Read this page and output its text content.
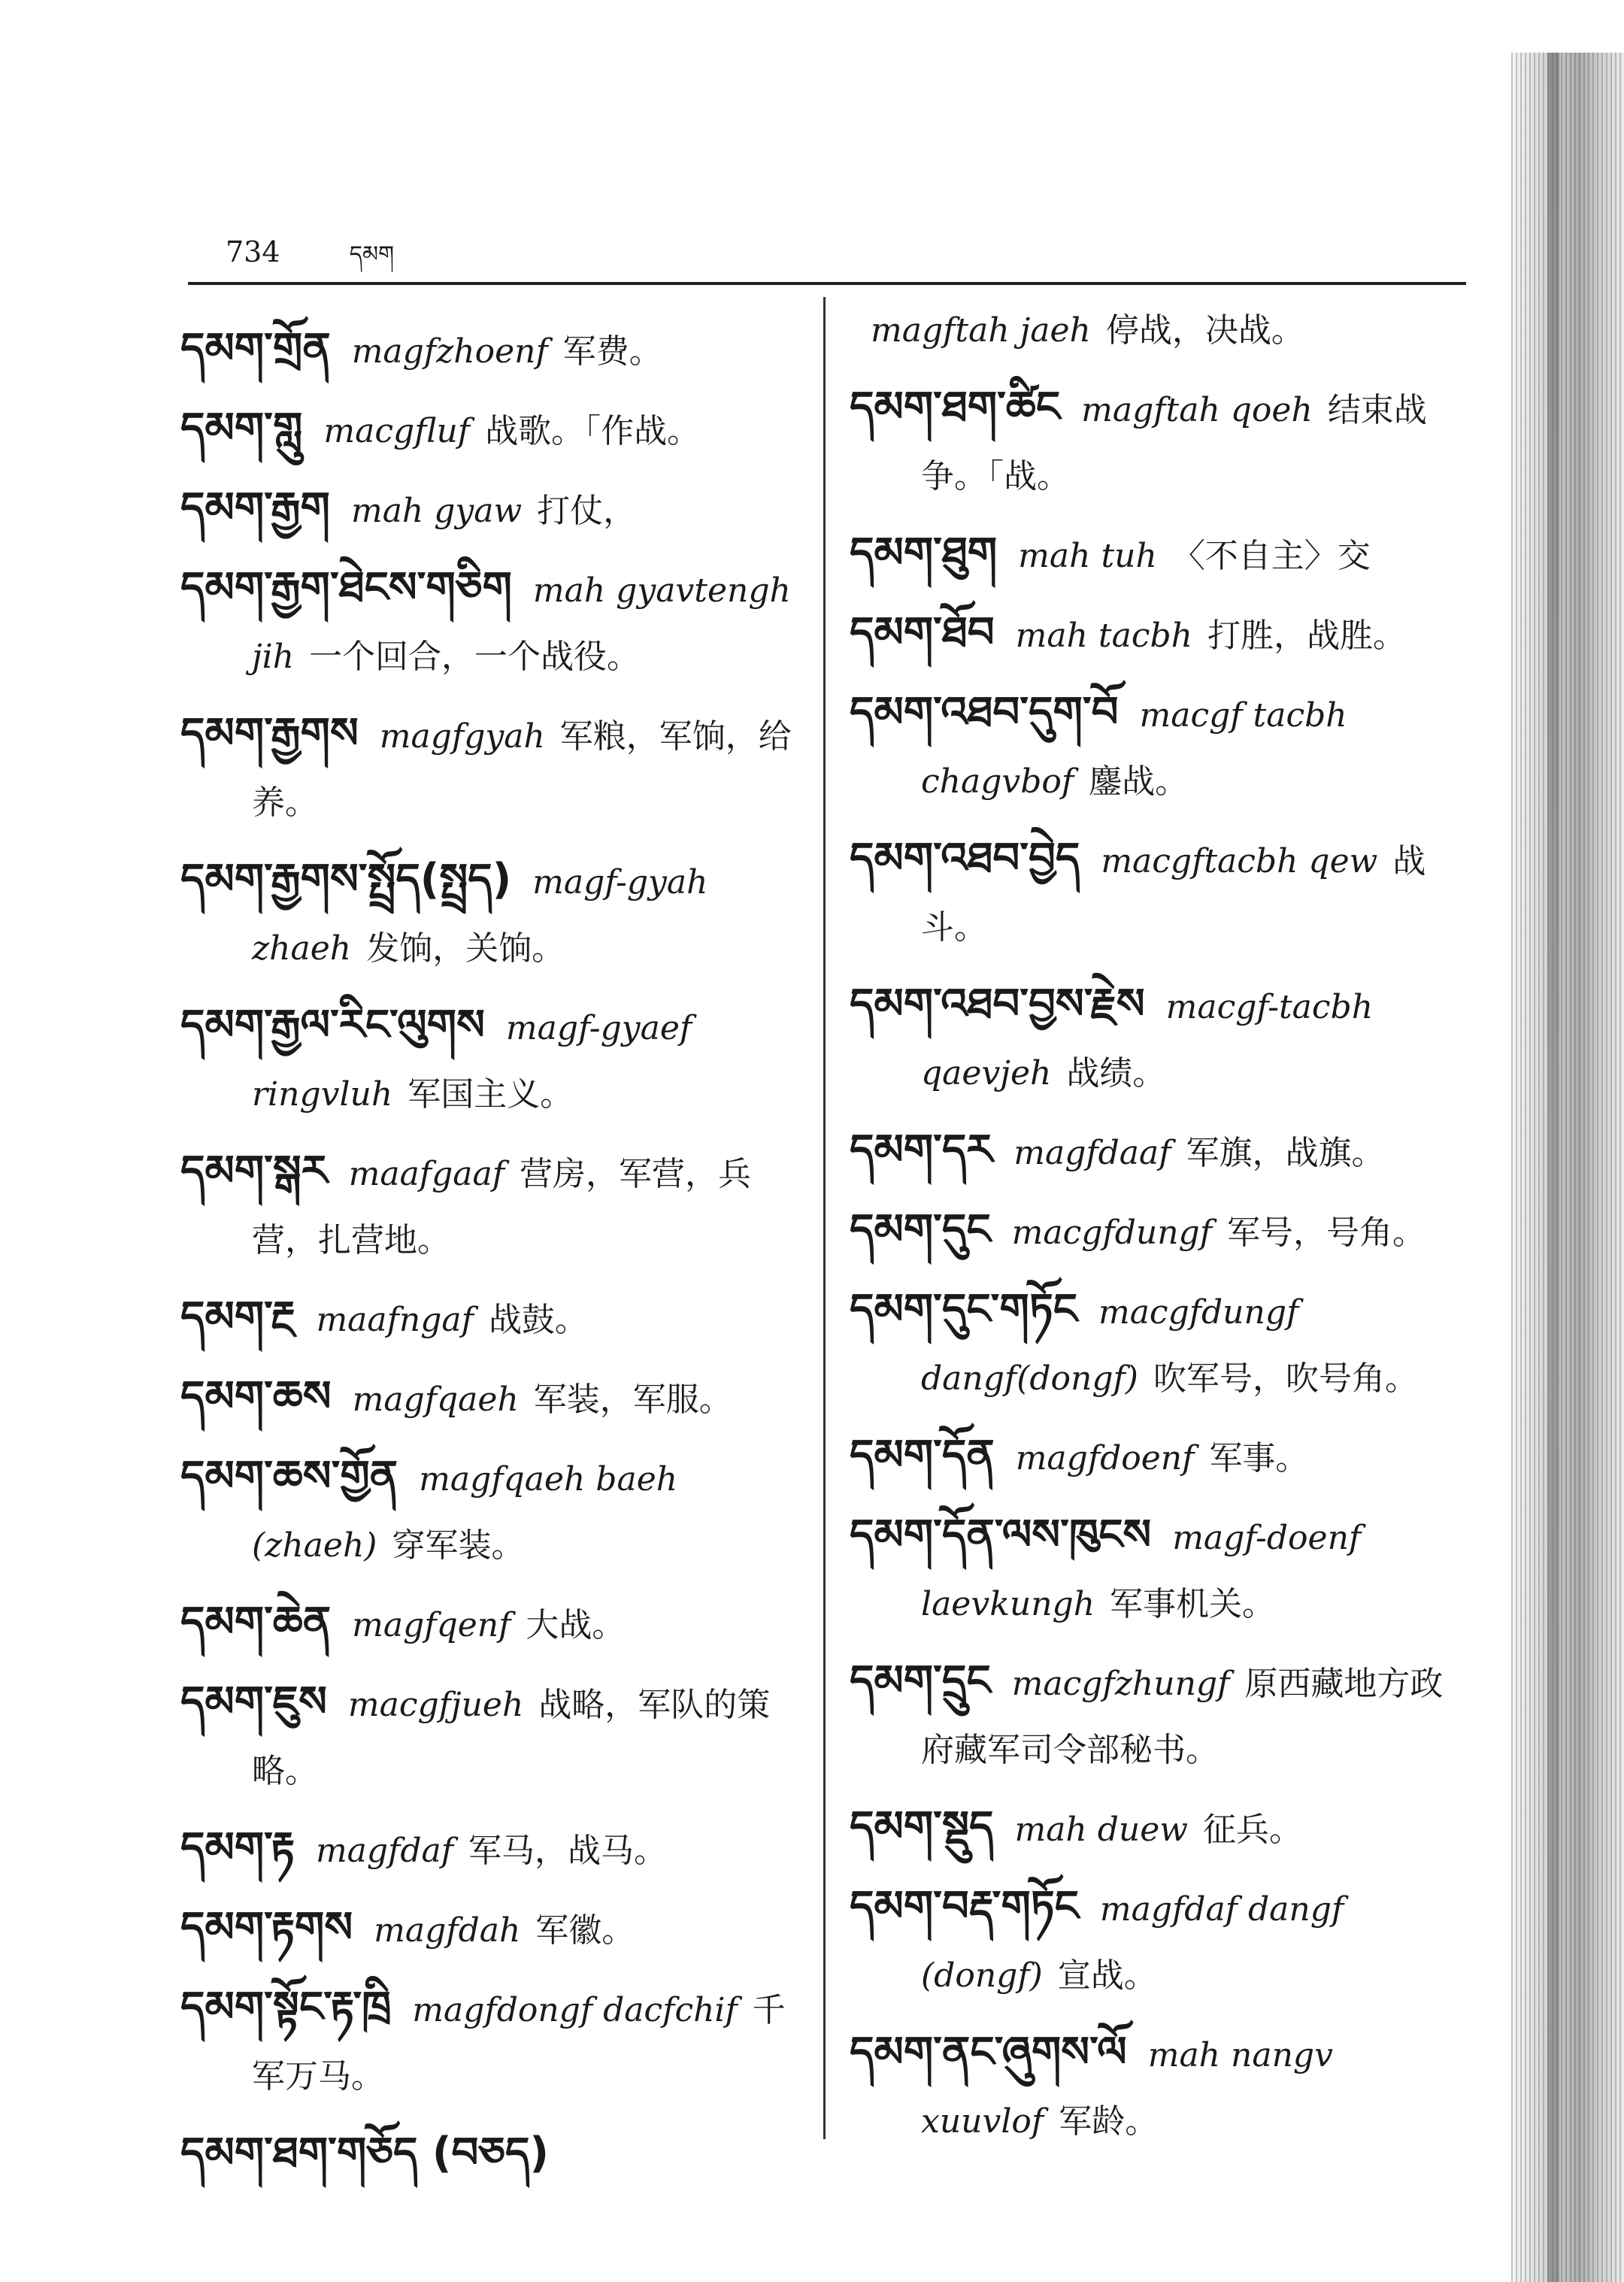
734	དམག
དམག་གྲོན magfzhoenf 军费。
དམག་གླུ macgfluf 战歌。「作战。
དམག་རྒྱག mah gyaw 打仗，
དམག་རྒྱག་ཐེངས་གཅིག mah gyavtengh jih 一个回合，一个战役。
དམག་རྒྱགས magfgyah 军粮，军饷，给养。
དམག་རྒྱགས་སྤྲོད(སྤྲད) magf-gyah zhaeh 发饷，关饷。
དམག་རྒྱལ་རིང་ལུགས magf-gyaef ringvluh 军国主义。
དམག་སྒར maafgaaf 营房，军营，兵营，扎营地。
དམག་རྔ maafngaf 战鼓。
དམག་ཆས magfqaeh 军装，军服。
དམག་ཆས་གྱོན magfqaeh baeh (zhaeh) 穿军装。
དམག་ཆེན magfqenf 大战。
དམག་ཇུས macgfjueh 战略，军队的策略。
དམག་རྟ magfdaf 军马，战马。
དམག་རྟགས magfdah 军徽。
དམག་སྟོང་རྟ་ཁྲི magfdongf dacfchif 千军万马。
དམག་ཐག་གཅོད (བཅད)
magftah jaeh 停战，决战。
དམག་ཐག་ཚིང magftah qoeh 结束战争。「战。
དམག་ཐུག mah tuh 〈不自主〉交
དམག་ཐོབ mah tacbh 打胜，战胜。
དམག་འཐབ་དུག་བོ macgf tacbh chagvbof 鏖战。
དམག་འཐབ་བྱེད macgftacbh qew 战斗。
དམག་འཐབ་བྱས་རྗེས macgf-tacbh qaevjeh 战绩。
དམག་དར magfdaaf 军旗，战旗。
དམག་དུང macgfdungf 军号，号角。
དམག་དུང་གཏོང macgfdungf dangf(dongf) 吹军号，吹号角。
དམག་དོན magfdoenf 军事。
དམག་དོན་ལས་ཁུངས magf-doenf laevkungh 军事机关。
དམག་དྲུང macgfzhungf 原西藏地方政府藏军司令部秘书。
དམག་སྡུད mah duew 征兵。
དམག་བརྡ་གཏོང magfdaf dangf (dongf) 宣战。
དམག་ནང་ཞུགས་ལོ mah nangv xuuvlof 军龄。
